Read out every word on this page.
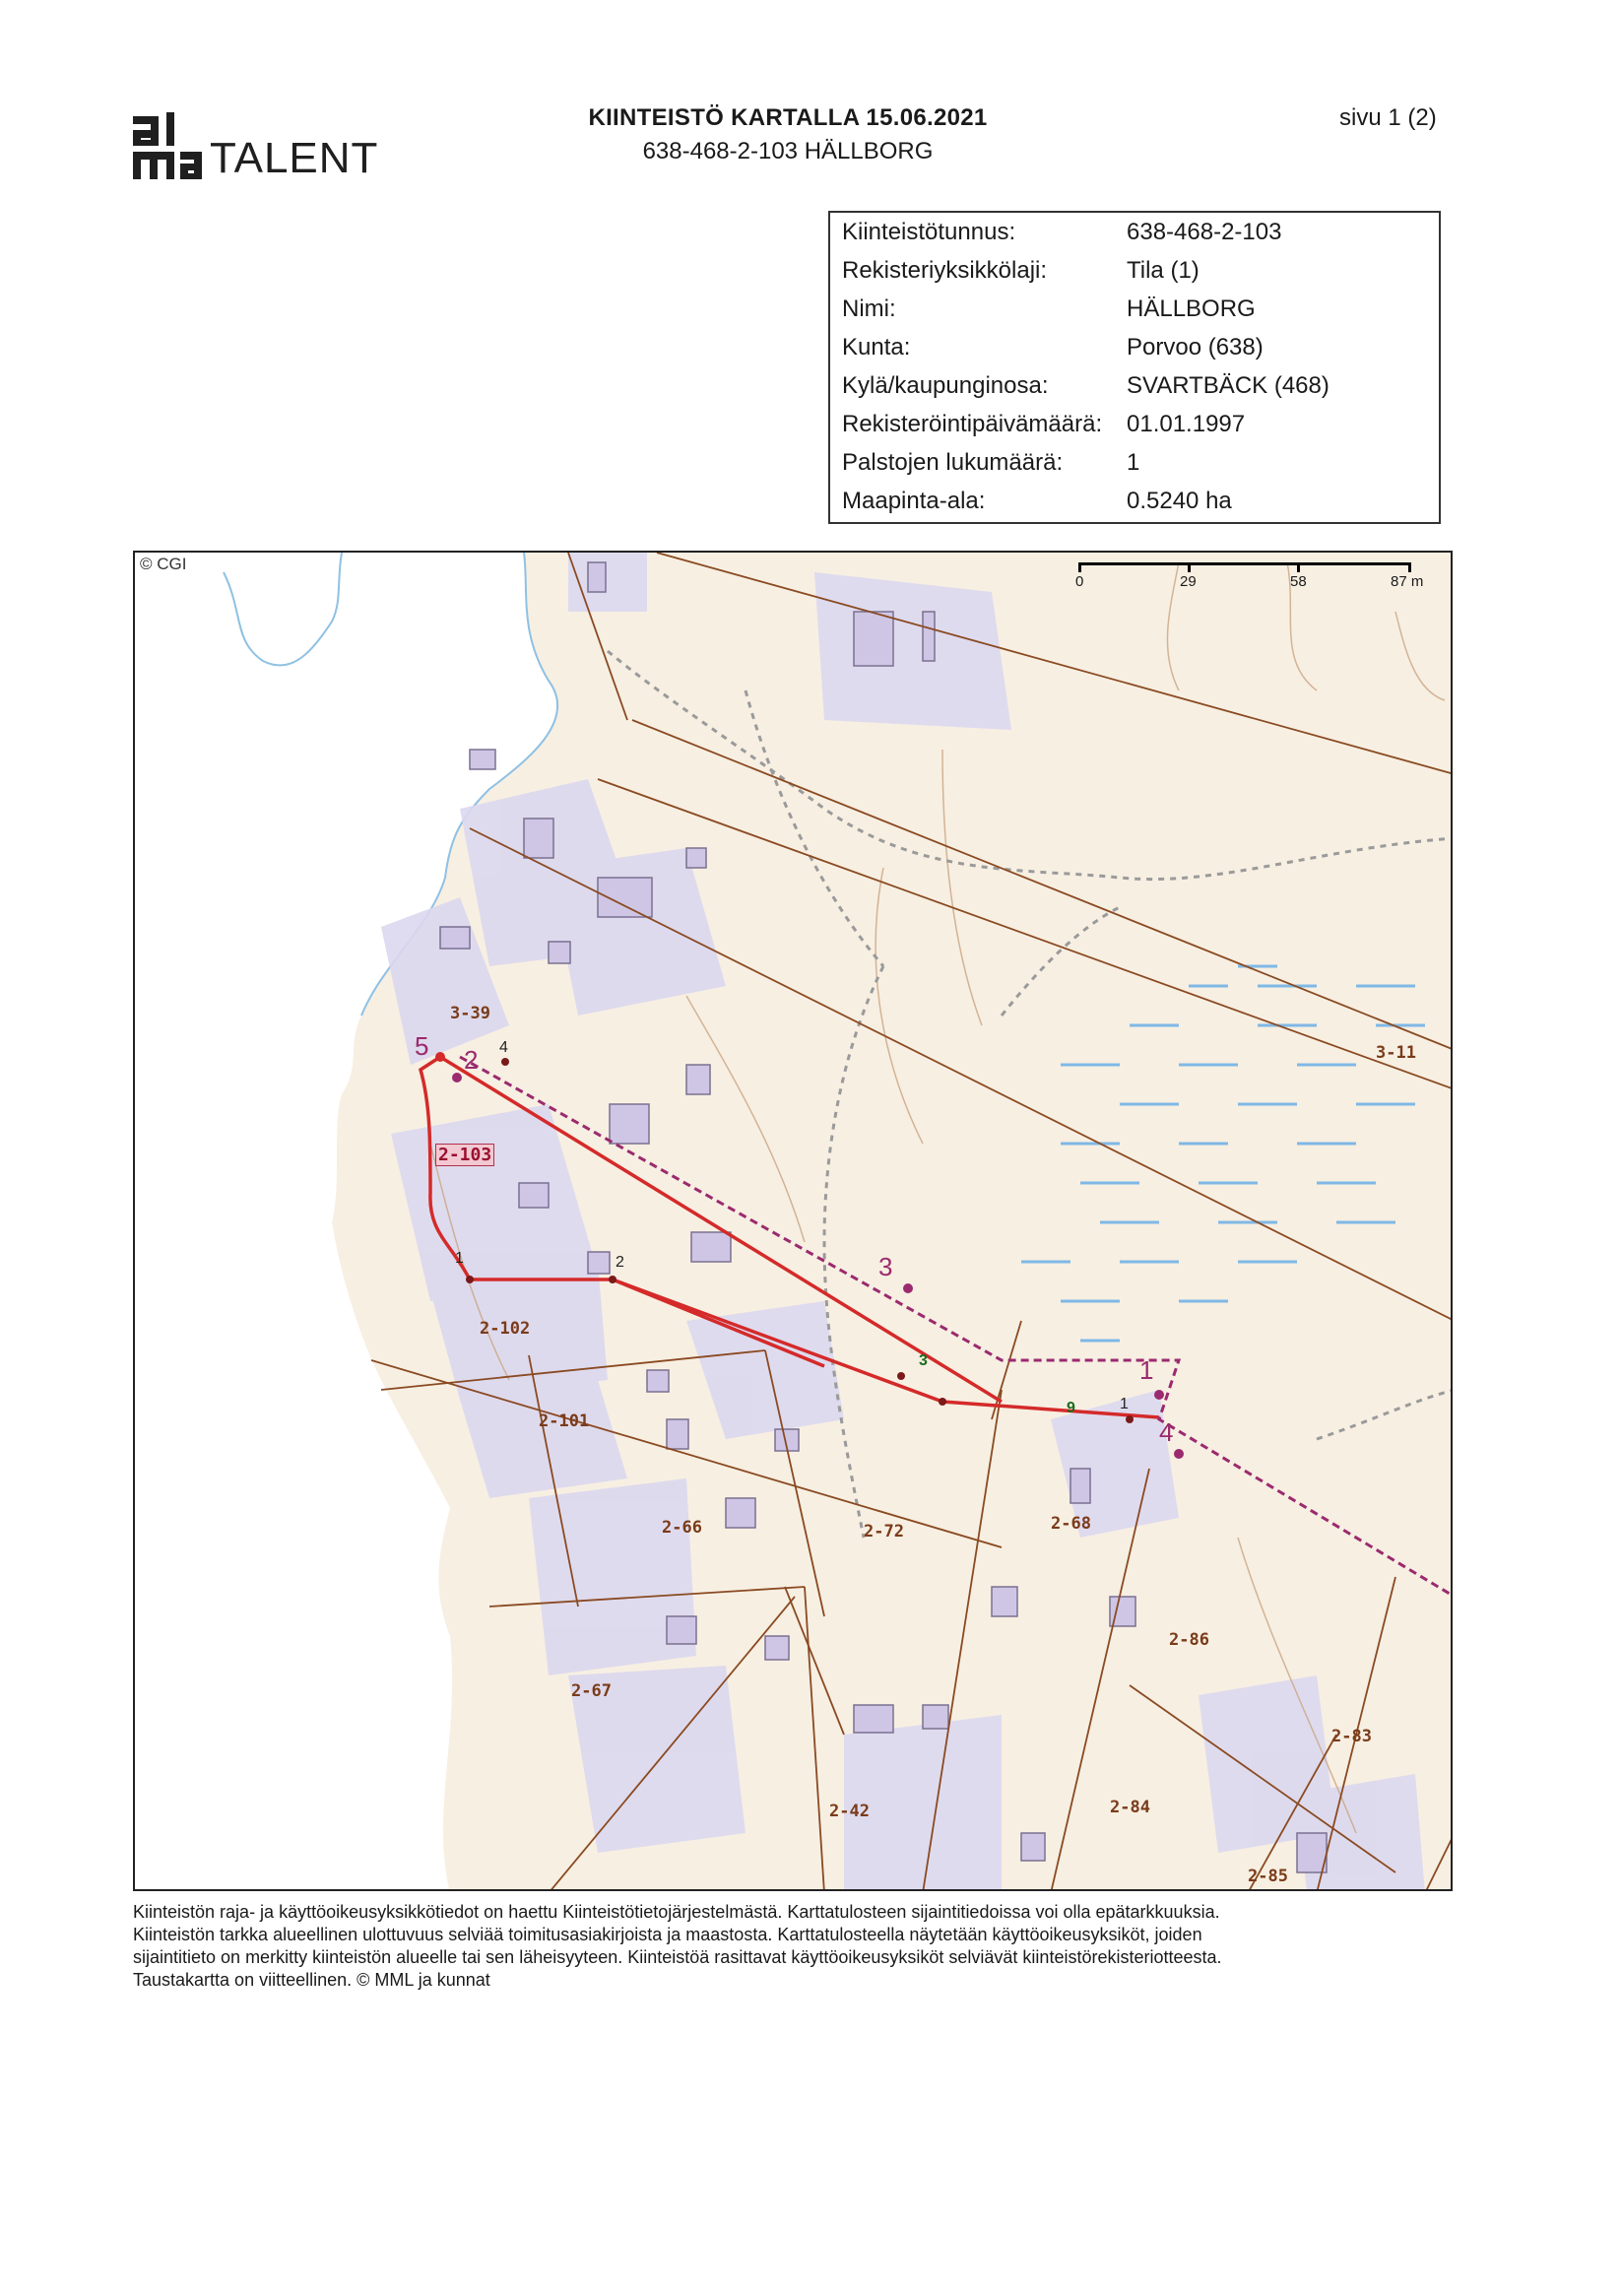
TALENT
KIINTEISTÖ KARTALLA 15.06.2021
638-468-2-103 HÄLLBORG
sivu 1 (2)
Kiinteistötunnus:	638-468-2-103
Rekisteriyksikkölaji:	Tila (1)
Nimi:	HÄLLBORG
Kunta:	Porvoo (638)
Kylä/kaupunginosa:	SVARTBÄCK (468)
Rekisteröintipäivämäärä: 01.01.1997
Palstojen lukumäärä:	1
Maapinta-ala:	0.5240 ha
© CGI
0	29	58	87 m
3-39
3-11
2-103
2-102
2-101
2-66	2-72	2-68
2-86
2-83
2-67
2-42	2-84
2-85
5 2
3
1
4
4
1	2
3
9	1
Kiinteistön raja- ja käyttöoikeusyksikkötiedot on haettu Kiinteistötietojärjestelmästä. Karttatulosteen sijaintitiedoissa voi olla epätarkkuuksia.
Kiinteistön tarkka alueellinen ulottuvuus selviää toimitusasiakirjoista ja maastosta. Karttatulosteella näytetään käyttöoikeusyksiköt, joiden
sijaintitieto on merkitty kiinteistön alueelle tai sen läheisyyteen. Kiinteistöä rasittavat käyttöoikeusyksiköt selviävät kiinteistörekisteriotteesta.
Taustakartta on viitteellinen. © MML ja kunnat
